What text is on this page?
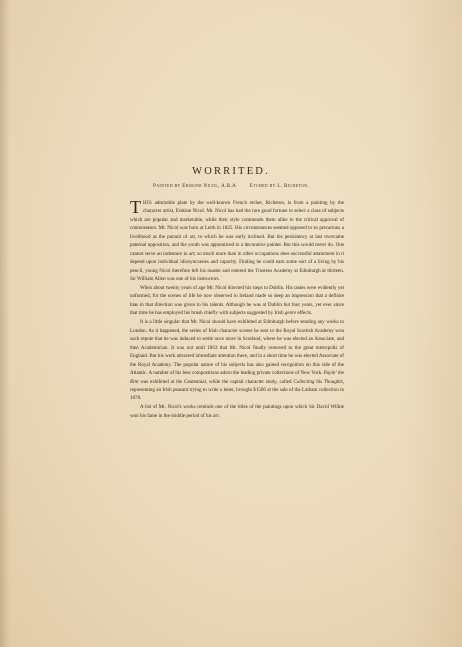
WORRITED.
Painted by Erskine Nicol, A.R.A. Etched by L. Richeton.

THIS admirable plate by the well-known French etcher, Richeton, is from a painting by the character artist, Erskine Nicol. Mr. Nicol has had the rare good fortune to select a class of subjects which are popular and marketable, while their style commends them alike to the critical approval of connoisseurs. Mr. Nicol was born at Leith in 1825. His circumstances seemed opposed to so precarious a livelihood as the pursuit of art, to which he was early inclined. But his persistency at last overcame paternal opposition, and the youth was apprenticed to a decorative painter. But this would never do. One cannot serve an indenture in art; so much more than in other occupations does successful attainment in it depend upon individual idiosyncrasies and capacity. Finding he could earn some sort of a living by his pencil, young Nicol therefore left his master and entered the Trustees Academy at Edinburgh at thirteen. Sir William Allen was one of his instructors.

When about twenty years of age Mr. Nicol directed his steps to Dublin. His tastes were evidently yet unformed, for the scenes of life he now observed in Ireland made so deep an impression that a definite bias in that direction was given to his talents. Although he was at Dublin but four years, yet ever since that time he has employed his brush chiefly with subjects suggested by Irish genre effects.

It is a little singular that Mr. Nicol should have exhibited at Edinburgh before sending any works to London. As it happened, the series of Irish character scenes he sent to the Royal Scottish Academy won such repute that he was induced to settle once more in Scotland, where he was elected an Associate, and then Academician. It was not until 1863 that Mr. Nicol finally removed to the great metropolis of England. But his work attracted immediate attention there, and in a short time he was elected Associate of the Royal Academy. The popular nature of his subjects has also gained recognition on this side of the Atlantic. A number of his best compositions adorn the leading private collections of New York. Payin' the Rint was exhibited at the Centennial, while the capital character study, called Collecting his Thoughts, representing an Irish peasant trying to write a letter, brought $1500 at the sale of the Latham collection in 1878.

A list of Mr. Nicol's works reminds one of the titles of the paintings upon which Sir David Wilkie won his fame in the middle period of his art.
